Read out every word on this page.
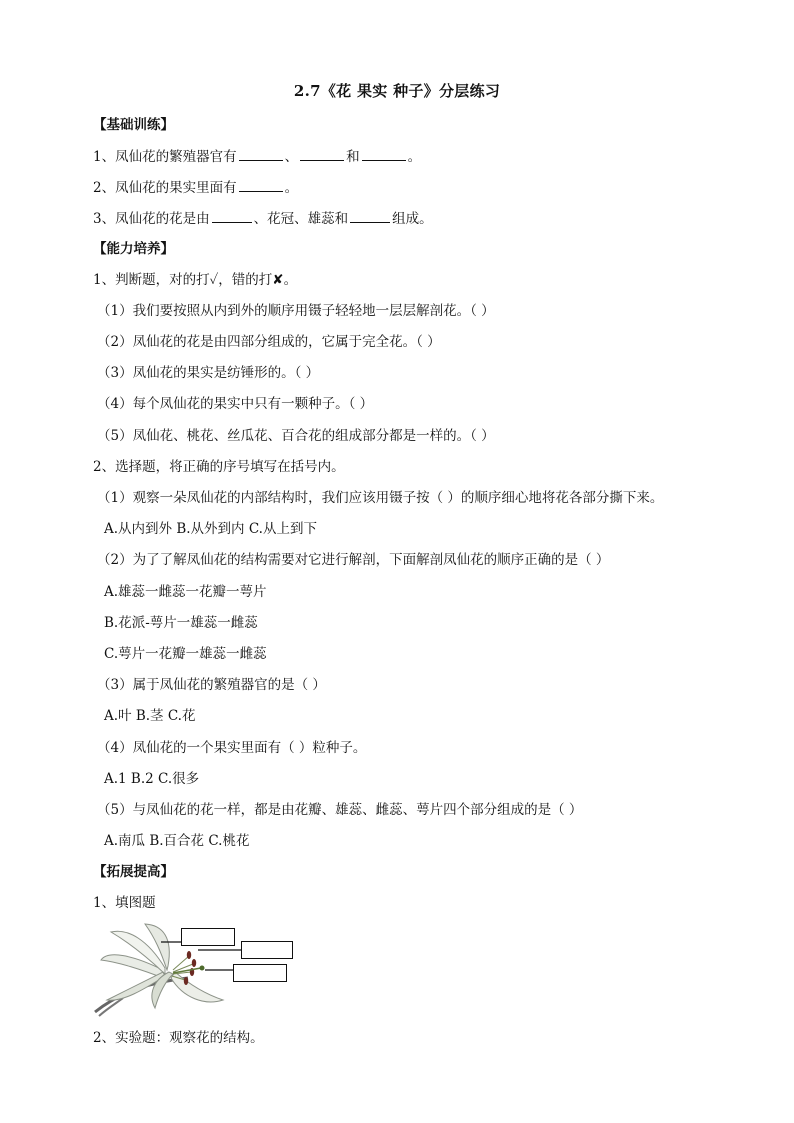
2.7《花 果实 种子》分层练习
【基础训练】
1、凤仙花的繁殖器官有	、	和	。
2、凤仙花的果实里面有	。
3、凤仙花的花是由	、花冠、雄蕊和	组成。
【能力培养】
1、判断题，对的打✓，错的打✘。
（1）我们要按照从内到外的顺序用镊子轻轻地一层层解剖花。（ ）
（2）凤仙花的花是由四部分组成的，它属于完全花。（ ）
（3）凤仙花的果实是纺锤形的。（ ）
（4）每个凤仙花的果实中只有一颗种子。（ ）
（5）凤仙花、桃花、丝瓜花、百合花的组成部分都是一样的。（ ）
2、选择题，将正确的序号填写在括号内。
（1）观察一朵凤仙花的内部结构时，我们应该用镊子按（ ）的顺序细心地将花各部分撕下来。
A.从内到外 B.从外到内 C.从上到下
（2）为了了解凤仙花的结构需要对它进行解剖，下面解剖凤仙花的顺序正确的是（ ）
A.雄蕊一雌蕊一花瓣一萼片
B.花派-萼片一雄蕊一雌蕊
C.萼片一花瓣一雄蕊一雌蕊
（3）属于凤仙花的繁殖器官的是（ ）
A.叶 B.茎 C.花
（4）凤仙花的一个果实里面有（ ）粒种子。
A.1 B.2 C.很多
（5）与凤仙花的花一样，都是由花瓣、雄蕊、雌蕊、萼片四个部分组成的是（ ）
A.南瓜 B.百合花 C.桃花
【拓展提高】
1、填图题
2、实验题：观察花的结构。
